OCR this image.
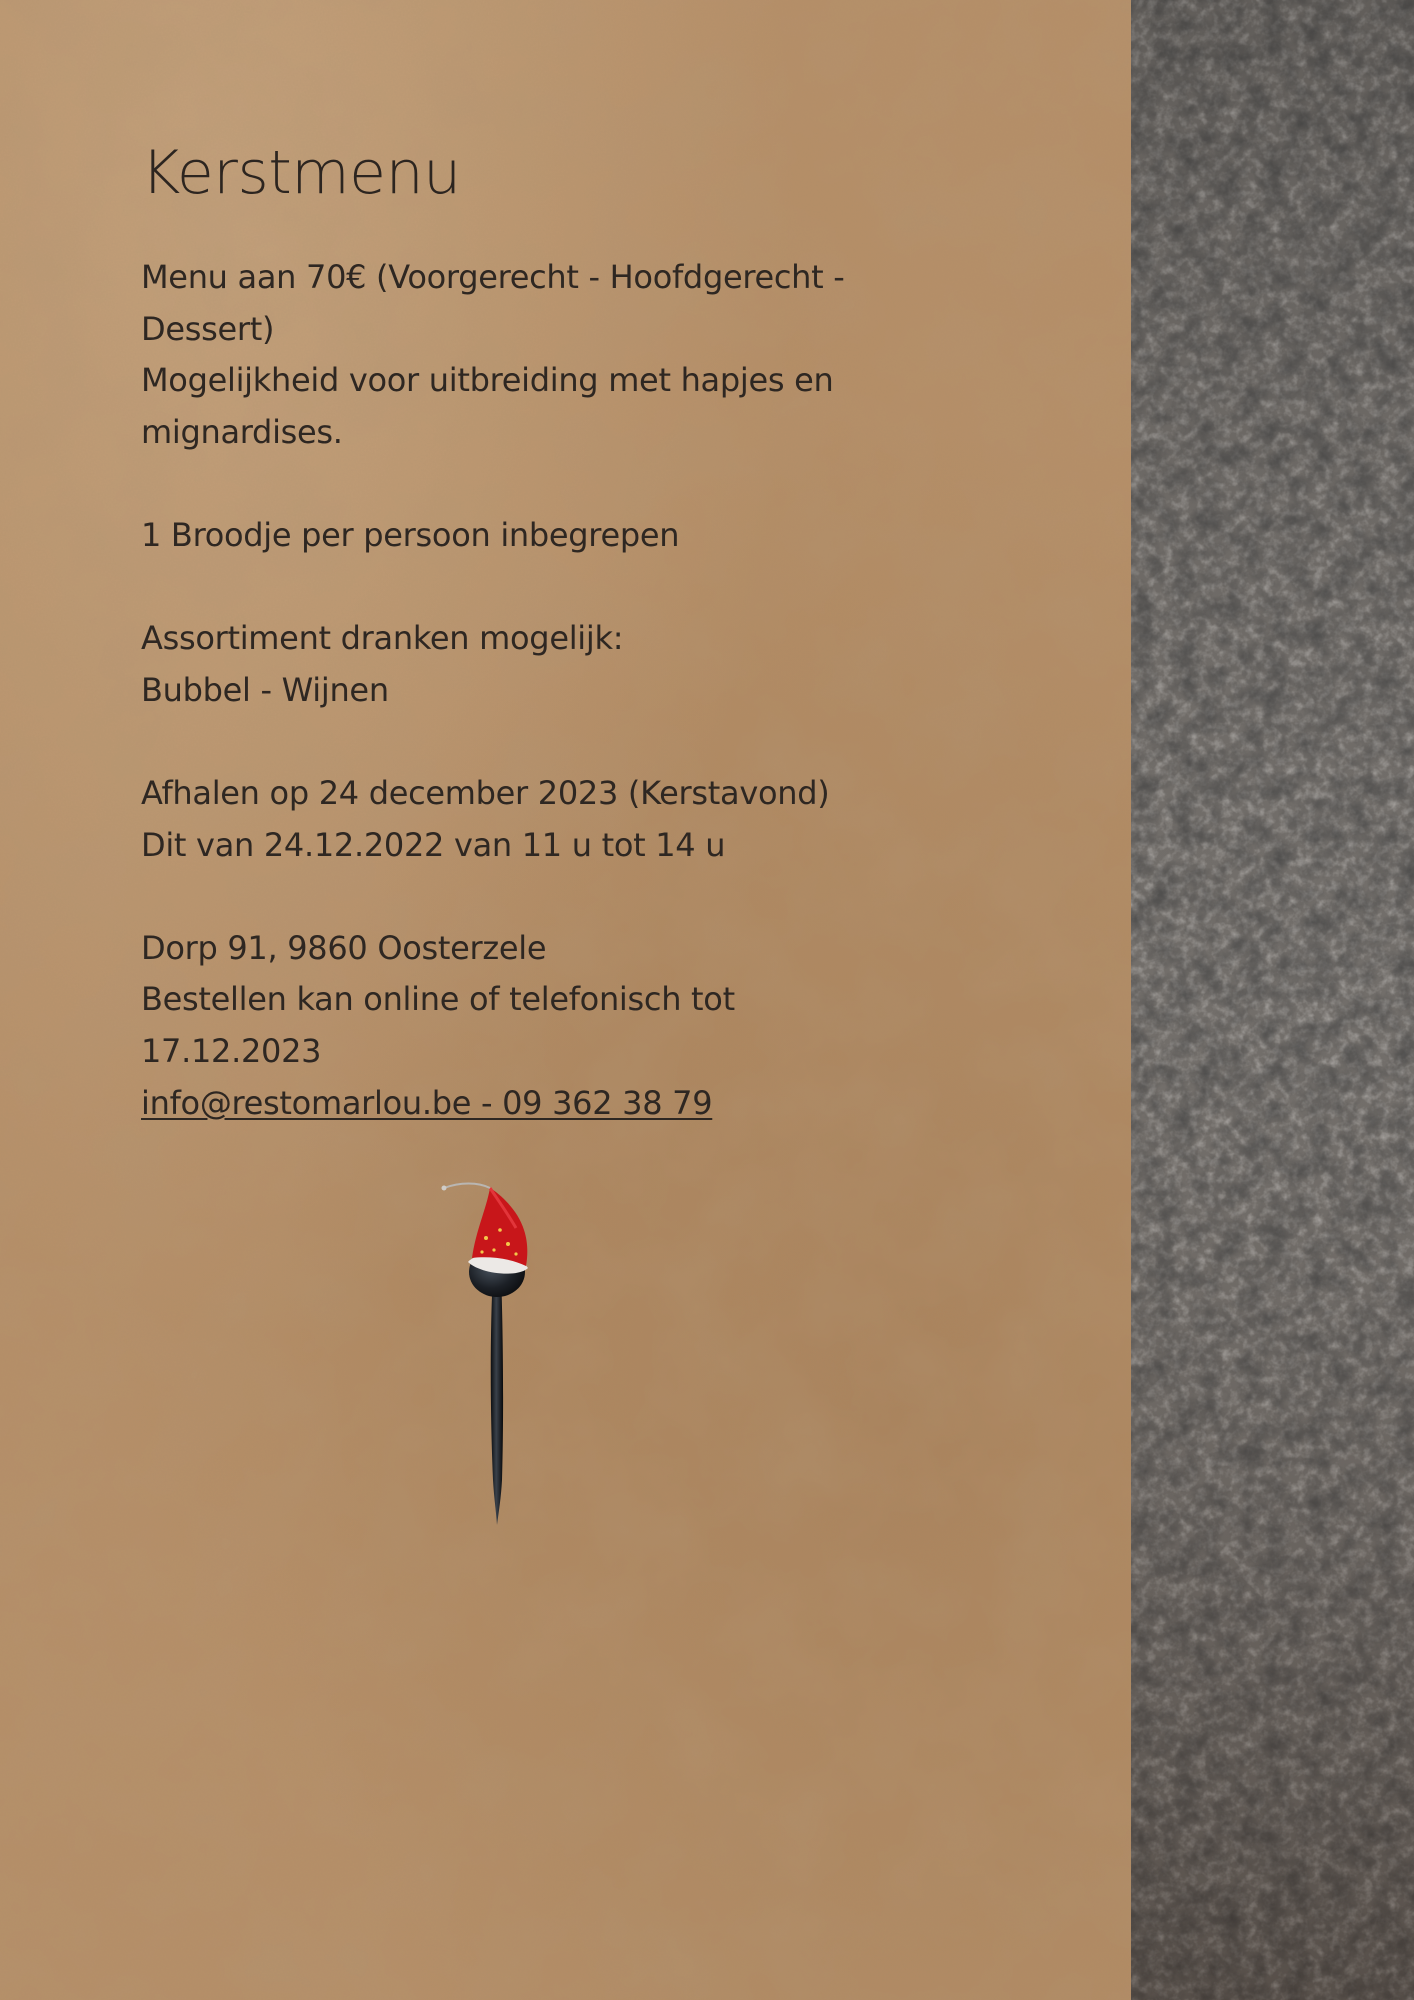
Kerstmenu

Menu aan 70€ (Voorgerecht - Hoofdgerecht -
Dessert)
Mogelijkheid voor uitbreiding met hapjes en
mignardises.

1 Broodje per persoon inbegrepen

Assortiment dranken mogelijk:
Bubbel - Wijnen

Afhalen op 24 december 2023 (Kerstavond)
Dit van 24.12.2022 van 11 u tot 14 u

Dorp 91, 9860 Oosterzele
Bestellen kan online of telefonisch tot 17.12.2023
info@restomarlou.be - 09 362 38 79
